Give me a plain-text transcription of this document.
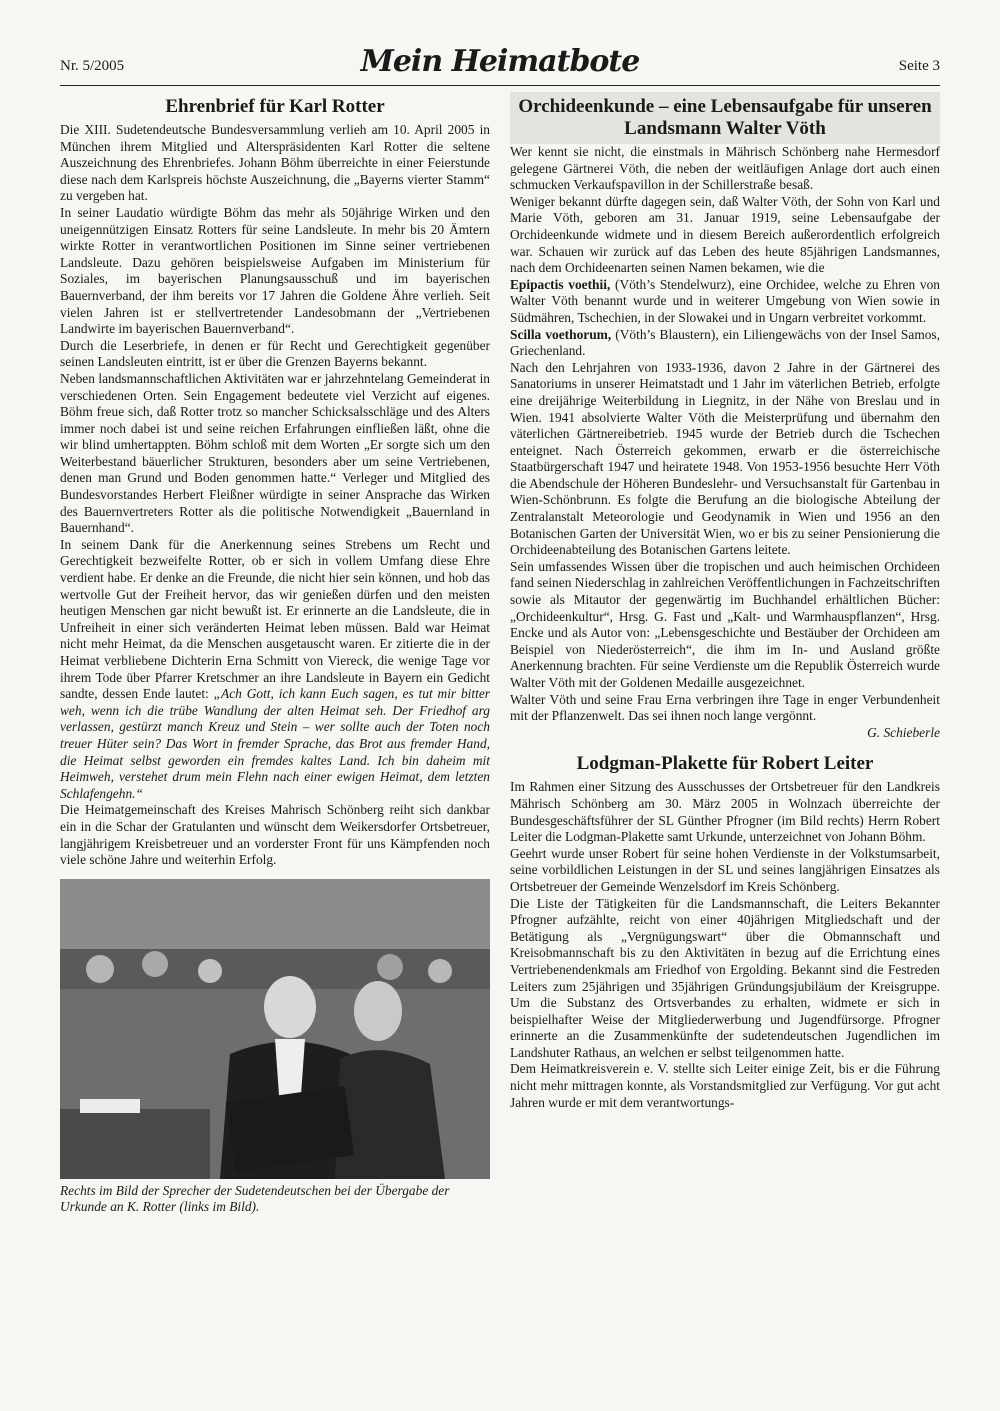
Nr. 5/2005	Mein Heimatbote	Seite 3
Ehrenbrief für Karl Rotter

Die XIII. Sudetendeutsche Bundesversammlung verlieh am 10. April 2005 in München ihrem Mitglied und Alterspräsidenten Karl Rotter die seltene Auszeichnung des Ehrenbriefes. Johann Böhm überreichte in einer Feierstunde diese nach dem Karlspreis höchste Auszeichnung, die „Bayerns vierter Stamm“ zu vergeben hat.

In seiner Laudatio würdigte Böhm das mehr als 50jährige Wirken und den uneigennützigen Einsatz Rotters für seine Landsleute. In mehr bis 20 Ämtern wirkte Rotter in verantwortlichen Positionen im Sinne seiner vertriebenen Landsleute. Dazu gehören beispielsweise Aufgaben im Ministerium für Soziales, im bayerischen Planungsausschuß und im bayerischen Bauernverband, der ihm bereits vor 17 Jahren die Goldene Ähre verlieh. Seit vielen Jahren ist er stellvertretender Landesobmann der „Vertriebenen Landwirte im bayerischen Bauernverband“.

Durch die Leserbriefe, in denen er für Recht und Gerechtigkeit gegenüber seinen Landsleuten eintritt, ist er über die Grenzen Bayerns bekannt.

Neben landsmannschaftlichen Aktivitäten war er jahrzehntelang Gemeinderat in verschiedenen Orten. Sein Engagement bedeutete viel Verzicht auf eigenes. Böhm freue sich, daß Rotter trotz so mancher Schicksalsschläge und des Alters immer noch dabei ist und seine reichen Erfahrungen einfließen läßt, ohne die wir blind umhertappten. Böhm schloß mit dem Worten „Er sorgte sich um den Weiterbestand bäuerlicher Strukturen, besonders aber um seine Vertriebenen, denen man Grund und Boden genommen hatte.“ Verleger und Mitglied des Bundesvorstandes Herbert Fleißner würdigte in seiner Ansprache das Wirken des Bauernvertreters Rotter als die politische Notwendigkeit „Bauernland in Bauernhand“.

In seinem Dank für die Anerkennung seines Strebens um Recht und Gerechtigkeit bezweifelte Rotter, ob er sich in vollem Umfang diese Ehre verdient habe. Er denke an die Freunde, die nicht hier sein können, und hob das wertvolle Gut der Freiheit hervor, das wir genießen dürfen und den meisten heutigen Menschen gar nicht bewußt ist. Er erinnerte an die Landsleute, die in Unfreiheit in einer sich veränderten Heimat leben müssen. Bald war Heimat nicht mehr Heimat, da die Menschen ausgetauscht waren. Er zitierte die in der Heimat verbliebene Dichterin Erna Schmitt von Viereck, die wenige Tage vor ihrem Tode über Pfarrer Kretschmer an ihre Landsleute in Bayern ein Gedicht sandte, dessen Ende lautet: „Ach Gott, ich kann Euch sagen, es tut mir bitter weh, wenn ich die trübe Wandlung der alten Heimat seh. Der Friedhof arg verlassen, gestürzt manch Kreuz und Stein – wer sollte auch der Toten noch treuer Hüter sein? Das Wort in fremder Sprache, das Brot aus fremder Hand, die Heimat selbst geworden ein fremdes kaltes Land. Ich bin daheim mit Heimweh, verstehet drum mein Flehn nach einer ewigen Heimat, dem letzten Schlafengehn.“

Die Heimatgemeinschaft des Kreises Mahrisch Schönberg reiht sich dankbar ein in die Schar der Gratulanten und wünscht dem Weikersdorfer Ortsbetreuer, langjährigem Kreisbetreuer und an vorderster Front für uns Kämpfenden noch viele schöne Jahre und weiterhin Erfolg.

Rechts im Bild der Sprecher der Sudetendeutschen bei der Übergabe der Urkunde an K. Rotter (links im Bild).
Orchideenkunde – eine Lebensaufgabe für unseren Landsmann Walter Vöth

Wer kennt sie nicht, die einstmals in Mährisch Schönberg nahe Hermesdorf gelegene Gärtnerei Vöth, die neben der weitläufigen Anlage dort auch einen schmucken Verkaufspavillon in der Schillerstraße besaß.

Weniger bekannt dürfte dagegen sein, daß Walter Vöth, der Sohn von Karl und Marie Vöth, geboren am 31. Januar 1919, seine Lebensaufgabe der Orchideenkunde widmete und in diesem Bereich außerordentlich erfolgreich war. Schauen wir zurück auf das Leben des heute 85jährigen Landsmannes, nach dem Orchideenarten seinen Namen bekamen, wie die

Epipactis voethii, (Vöth’s Stendelwurz), eine Orchidee, welche zu Ehren von Walter Vöth benannt wurde und in weiterer Umgebung von Wien sowie in Südmähren, Tschechien, in der Slowakei und in Ungarn verbreitet vorkommt.

Scilla voethorum, (Vöth’s Blaustern), ein Liliengewächs von der Insel Samos, Griechenland.

Nach den Lehrjahren von 1933-1936, davon 2 Jahre in der Gärtnerei des Sanatoriums in unserer Heimatstadt und 1 Jahr im väterlichen Betrieb, erfolgte eine dreijährige Weiterbildung in Liegnitz, in der Nähe von Breslau und in Wien. 1941 absolvierte Walter Vöth die Meisterprüfung und übernahm den väterlichen Gärtnereibetrieb. 1945 wurde der Betrieb durch die Tschechen enteignet. Nach Österreich gekommen, erwarb er die österreichische Staatbürgerschaft 1947 und heiratete 1948. Von 1953-1956 besuchte Herr Vöth die Abendschule der Höheren Bundeslehr- und Versuchsanstalt für Gartenbau in Wien-Schönbrunn. Es folgte die Berufung an die biologische Abteilung der Zentralanstalt Meteorologie und Geodynamik in Wien und 1956 an den Botanischen Garten der Universität Wien, wo er bis zu seiner Pensionierung die Orchideenabteilung des Botanischen Gartens leitete.

Sein umfassendes Wissen über die tropischen und auch heimischen Orchideen fand seinen Niederschlag in zahlreichen Veröffentlichungen in Fachzeitschriften sowie als Mitautor der gegenwärtig im Buchhandel erhältlichen Bücher: „Orchideenkultur“, Hrsg. G. Fast und „Kalt- und Warmhauspflanzen“, Hrsg. Encke und als Autor von: „Lebensgeschichte und Bestäuber der Orchideen am Beispiel von Niederösterreich“, die ihm im In- und Ausland größte Anerkennung brachten. Für seine Verdienste um die Republik Österreich wurde Walter Vöth mit der Goldenen Medaille ausgezeichnet.

Walter Vöth und seine Frau Erna verbringen ihre Tage in enger Verbundenheit mit der Pflanzenwelt. Das sei ihnen noch lange vergönnt.

G. Schieberle
Lodgman-Plakette für Robert Leiter

Im Rahmen einer Sitzung des Ausschusses der Ortsbetreuer für den Landkreis Mährisch Schönberg am 30. März 2005 in Wolnzach überreichte der Bundesgeschäftsführer der SL Günther Pfrogner (im Bild rechts) Herrn Robert Leiter die Lodgman-Plakette samt Urkunde, unterzeichnet von Johann Böhm.

Geehrt wurde unser Robert für seine hohen Verdienste in der Volkstumsarbeit, seine vorbildlichen Leistungen in der SL und seines langjährigen Einsatzes als Ortsbetreuer der Gemeinde Wenzelsdorf im Kreis Schönberg.

Die Liste der Tätigkeiten für die Landsmannschaft, die Leiters Bekannter Pfrogner aufzählte, reicht von einer 40jährigen Mitgliedschaft und der Betätigung als „Vergnügungswart“ über die Obmannschaft und Kreisobmannschaft bis zu den Aktivitäten in bezug auf die Errichtung eines Vertriebenendenkmals am Friedhof von Ergolding. Bekannt sind die Festreden Leiters zum 25jährigen und 35jährigen Gründungsjubiläum der Kreisgruppe. Um die Substanz des Ortsverbandes zu erhalten, widmete er sich in beispielhafter Weise der Mitgliederwerbung und Jugendfürsorge. Pfrogner erinnerte an die Zusammenkünfte der sudetendeutschen Jugendlichen im Landshuter Rathaus, an welchen er selbst teilgenommen hatte.

Dem Heimatkreisverein e. V. stellte sich Leiter einige Zeit, bis er die Führung nicht mehr mittragen konnte, als Vorstandsmitglied zur Verfügung. Vor gut acht Jahren wurde er mit dem verantwortungs-
